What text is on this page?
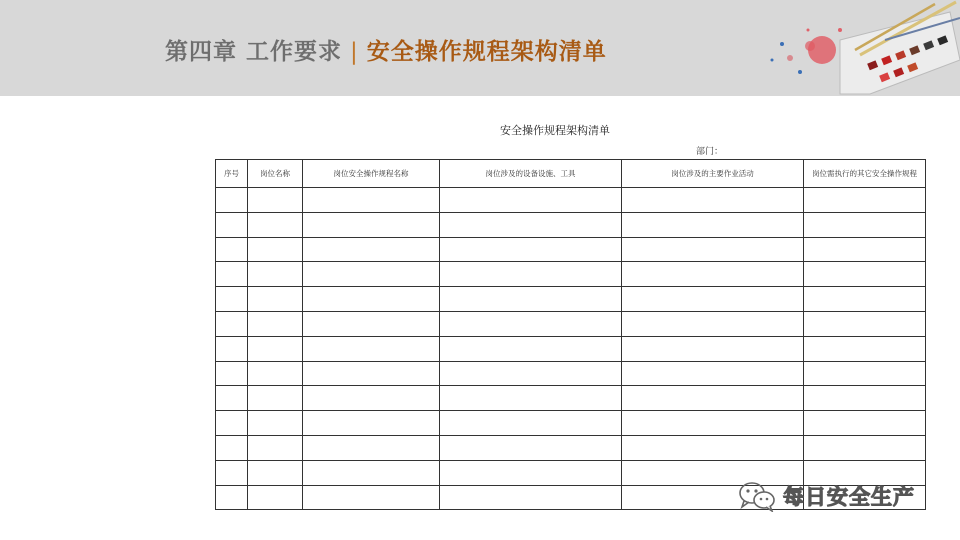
第四章 工作要求 | 安全操作规程架构清单
安全操作规程架构清单
部门：
序号	岗位名称	岗位安全操作规程名称	岗位涉及的设备设施、工具	岗位涉及的主要作业活动	岗位需执行的其它安全操作规程

每日安全生产
